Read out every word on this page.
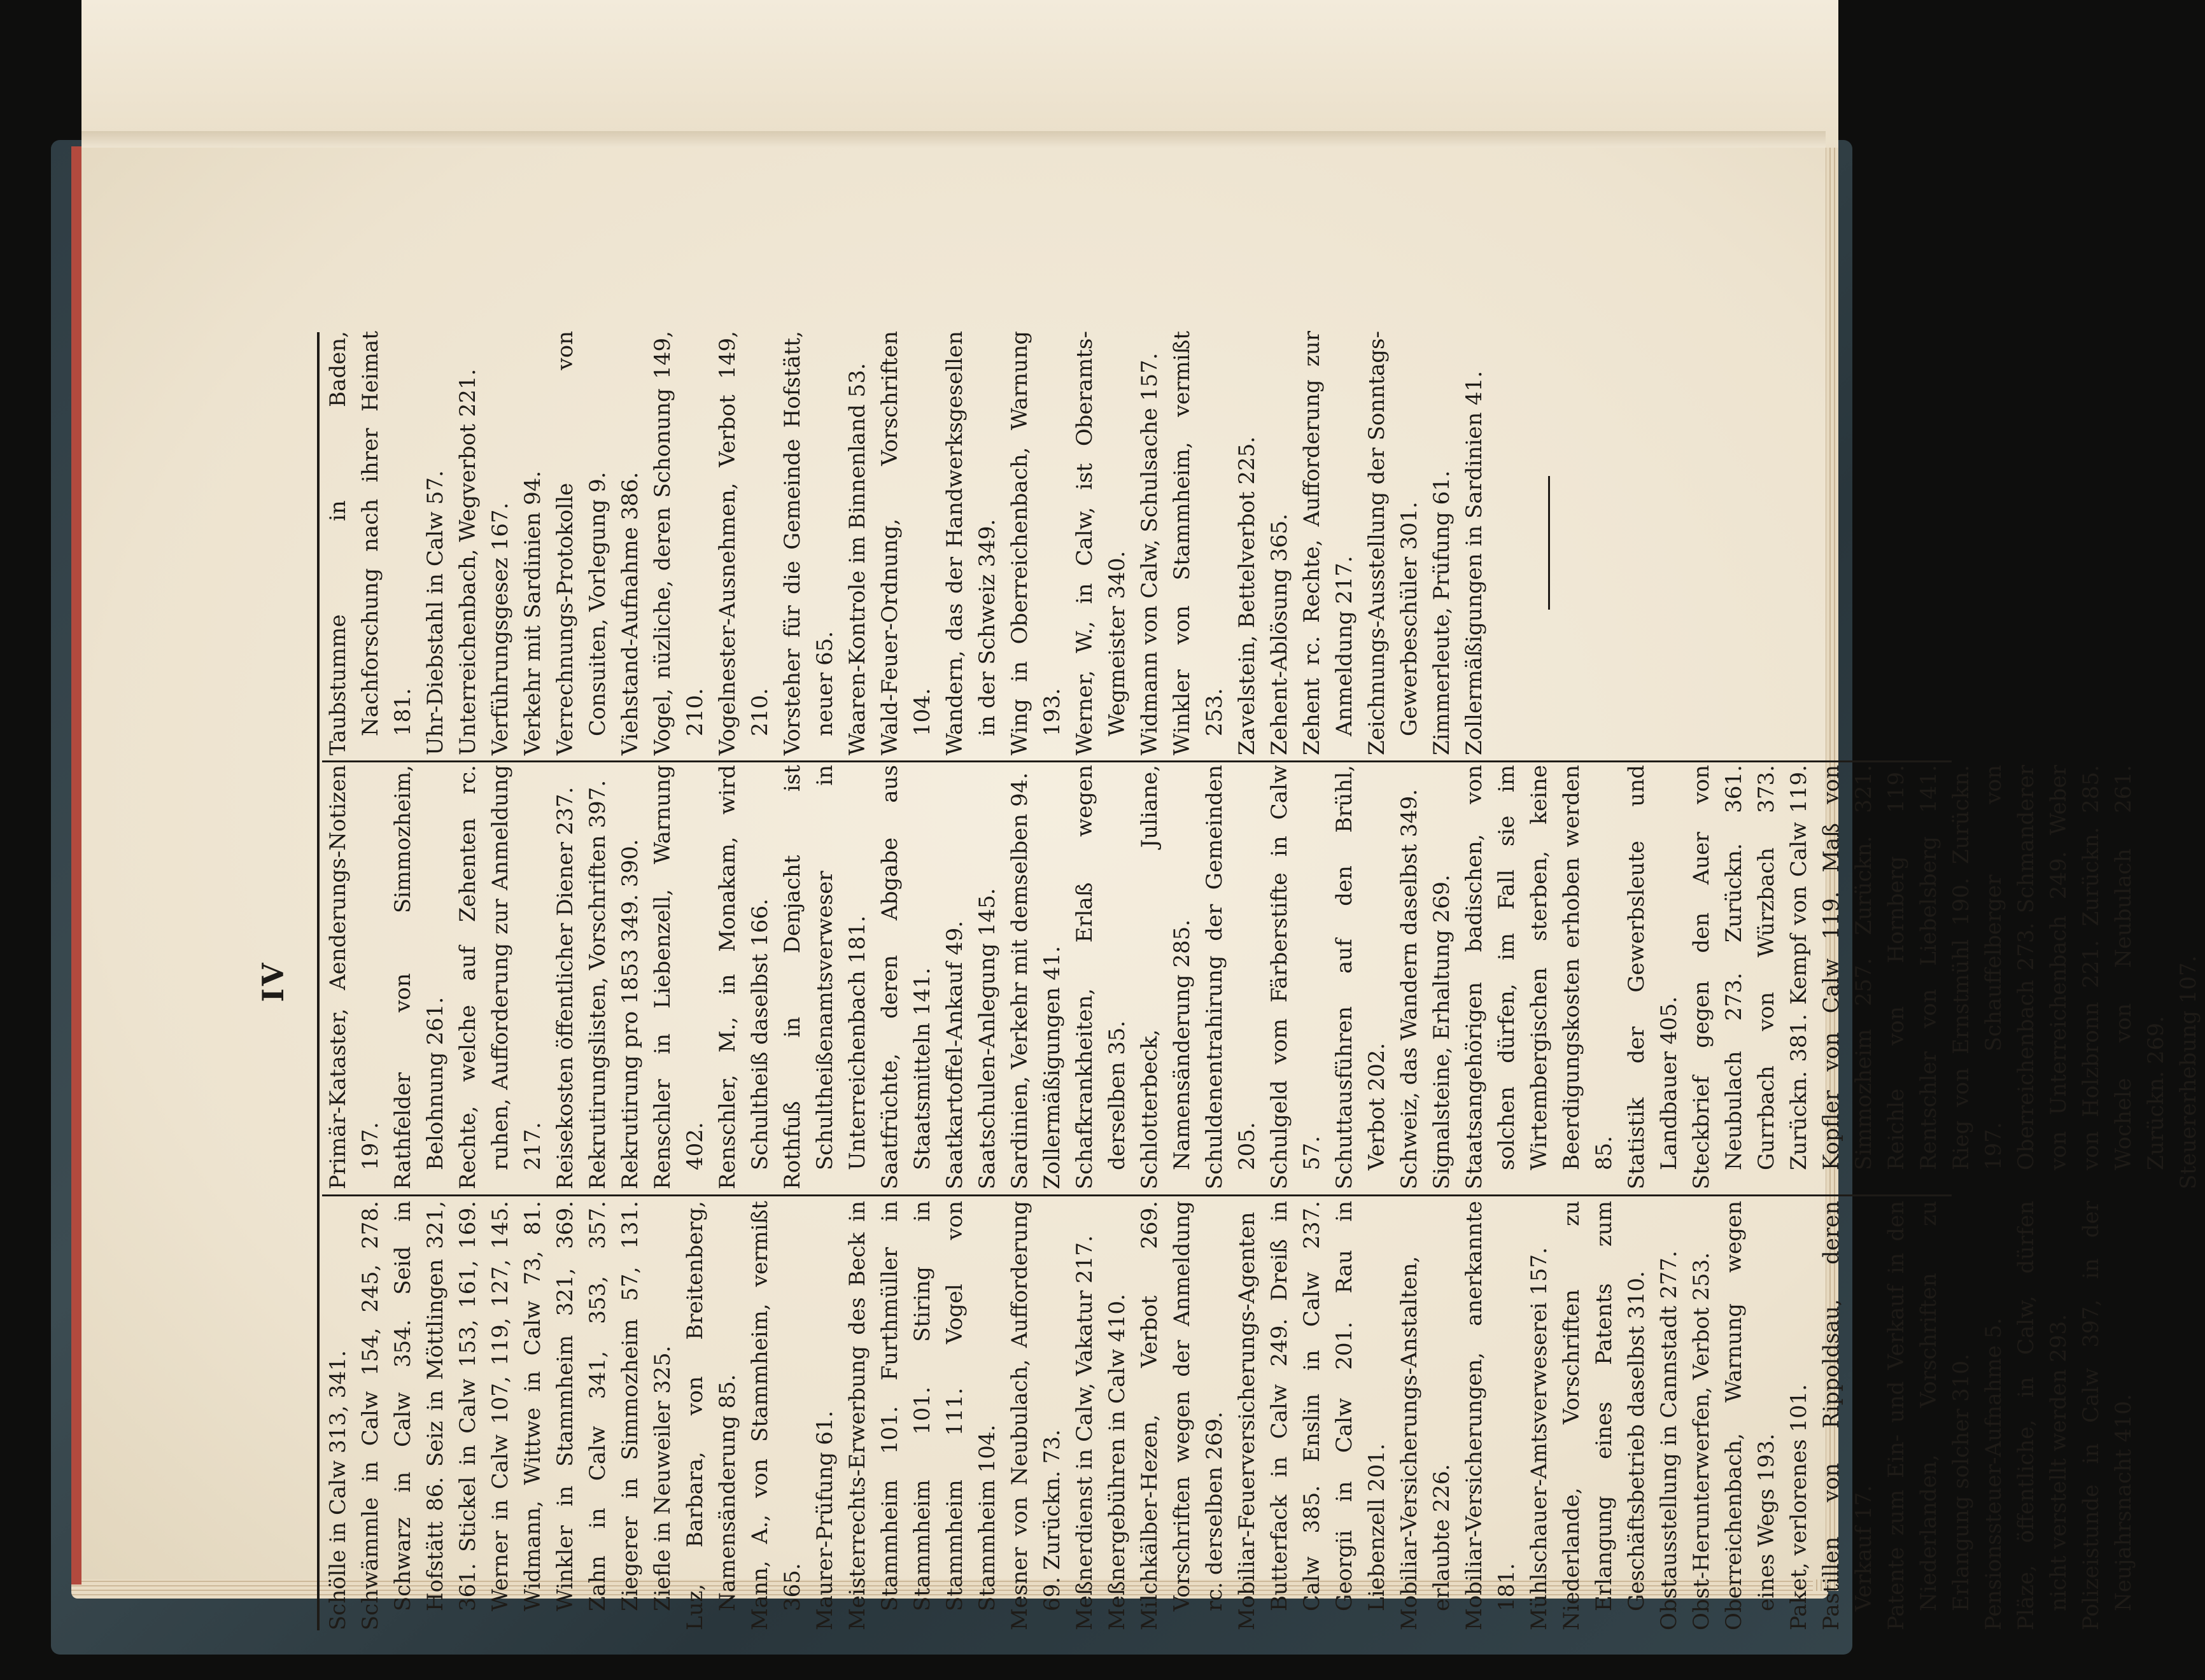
IV

Schölle in Calw 313, 341. Schwämmle in Calw 154, 245, 278. Schwarz in Calw 354. Seid in Hofstätt 86. Seiz in Möttlingen 321, 361. Stickel in Calw 153, 161, 169. Werner in Calw 107, 119, 127, 145. Widmann, Wittwe in Calw 73, 81. Winkler in Stammheim 321, 369. Zahn in Calw 341, 353, 357. Ziegerer in Simmozheim 57, 131. Ziefle in Neuweiler 325. Luz, Barbara, von Breitenberg, Namensänderung 85. Mann, A., von Stammheim, vermißt 365. Maurer-Prüfung 61. Meisterrechts-Erwerbung des Beck in Stammheim 101. Furthmüller in Stammheim 101. Stiring in Stammheim 111. Vogel von Stammheim 104. Mesner von Neubulach, Aufforderung 69. Zurückn. 73. Meßnerdienst in Calw, Vakatur 217. Meßnergebühren in Calw 410. Milchkälber-Hezen, Verbot 269. Vorschriften wegen der Anmeldung rc. derselben 269. Mobiliar-Feuerversicherungs-Agenten Butterfack in Calw 249. Dreiß in Calw 385. Enslin in Calw 237. Georgii in Calw 201. Rau in Liebenzell 201. Mobiliar-Versicherungs-Anstalten, erlaubte 226. Mobiliar-Versicherungen, anerkannte 181. Mühlschauer-Amtsverweserei 157. Niederlande, Vorschriften zu Erlangung eines Patents zum Geschäftsbetrieb daselbst 310. Obstausstellung in Cannstadt 277. Obst-Herunterwerfen, Verbot 253. Oberreichenbach, Warnung wegen eines Wegs 193. Paket, verlorenes 101. Pastillen von Rippoldsau, deren Verkauf 17. Patente zum Ein- und Verkauf in den Niederlanden, Vorschriften zu Erlangung solcher 310. Pensionssteuer-Aufnahme 5. Pläze, öffentliche, in Calw, dürfen nicht verstellt werden 293. Polizeistunde in Calw 397, in der Neujahrsnacht 410.

Primär-Kataster, Aenderungs-Notizen 197. Rathfelder von Simmozheim, Belohnung 261. Rechte, welche auf Zehenten rc. ruhen, Aufforderung zur Anmeldung 217. Reisekosten öffentlicher Diener 237. Rekrutirungslisten, Vorschriften 397. Rekrutirung pro 1853 349. 390. Renschler in Liebenzell, Warnung 402. Renschler, M., in Monakam, wird Schultheiß daselbst 166. Rothfuß in Denjacht ist Schultheißenamtsverweser in Unterreichenbach 181. Saatfrüchte, deren Abgabe aus Staatsmitteln 141. Saatkartoffel-Ankauf 49. Saatschulen-Anlegung 145. Sardinien, Verkehr mit demselben 94. Zollermäßigungen 41. Schafkrankheiten, Erlaß wegen derselben 35. Schlotterbeck, Juliane, Namensänderung 285. Schuldenentrahirung der Gemeinden 205. Schulgeld vom Färberstifte in Calw 57. Schuttausführen auf den Brühl, Verbot 202. Schweiz, das Wandern daselbst 349. Signalsteine, Erhaltung 269. Staatsangehörigen badischen, von solchen dürfen, im Fall sie im Wirtembergischen sterben, keine Beerdigungskosten erhoben werden 85. Statistik der Gewerbsleute und Landbauer 405. Steckbrief gegen den Auer von Neubulach 273. Zurückn. 361. Gurrbach von Würzbach 373. Zurückn. 381. Kempf von Calw 119. Kopfler von Calw 119. Maß von Simmozheim 257. Zurückn. 321. Reichle von Hornberg 119. Rentschler von Liebelsberg 141. Rieg von Ernstmühl 190. Zurückn. 197. Schauffelberger von Oberreichenbach 273. Schmanderer von Unterreichenbach 249. Weber von Holzbronn 221. Zurückn. 285. Wochele von Neubulach 261. Zurückn. 269. Steuererhebung 107.

Taubstumme in Baden, Nachforschung nach ihrer Heimat 181. Uhr-Diebstahl in Calw 57. Unterreichenbach, Wegverbot 221. Verführungsgesez 167. Verkehr mit Sardinien 94. Verrechnungs-Protokolle von Consuiten, Vorlegung 9. Viehstand-Aufnahme 386. Vogel, nüzliche, deren Schonung 149, 210. Vogelnester-Ausnehmen, Verbot 149, 210. Vorsteher für die Gemeinde Hofstätt, neuer 65. Waaren-Kontrole im Binnenland 53. Wald-Feuer-Ordnung, Vorschriften 104. Wandern, das der Handwerksgesellen in der Schweiz 349. Wing in Oberreichenbach, Warnung 193. Werner, W., in Calw, ist Oberamts-Wegmeister 340. Widmann von Calw, Schulsache 157. Winkler von Stammheim, vermißt 253. Zavelstein, Bettelverbot 225. Zehent-Ablösung 365. Zehent rc. Rechte, Aufforderung zur Anmeldung 217. Zeichnungs-Ausstellung der Sonntags-Gewerbeschüler 301. Zimmerleute, Prüfung 61. Zollermäßigungen in Sardinien 41.
